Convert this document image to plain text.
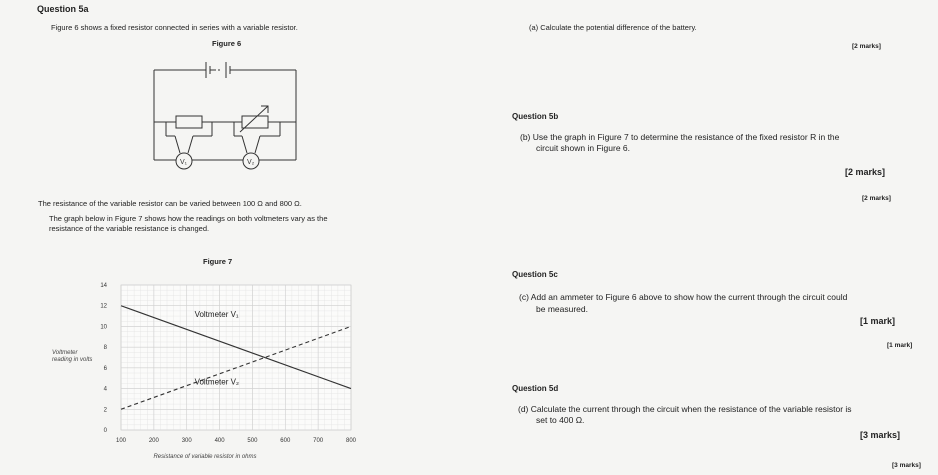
Question 5a
Figure 6 shows a fixed resistor connected in series with a variable resistor.
Figure 6
V₁	V₂
The resistance of the variable resistor can be varied between 100 Ω and 800 Ω.
The graph below in Figure 7 shows how the readings on both voltmeters vary as the
resistance of the variable resistance is changed.
Figure 7
100	200	300	400	500	600	700	800
0
2
4
6
8
10
12
14
Voltmeter V₁
Voltmeter V₂
Resistance of variable resistor in ohms
Voltmeter
reading in volts
(a) Calculate the potential difference of the battery.
[2 marks]
Question 5b
(b) Use the graph in Figure 7 to determine the resistance of the fixed resistor R in the
circuit shown in Figure 6.
[2 marks]
[2 marks]
Question 5c
(c) Add an ammeter to Figure 6 above to show how the current through the circuit could
be measured.
[1 mark]
[1 mark]
Question 5d
(d) Calculate the current through the circuit when the resistance of the variable resistor is
set to 400 Ω.
[3 marks]
[3 marks]
